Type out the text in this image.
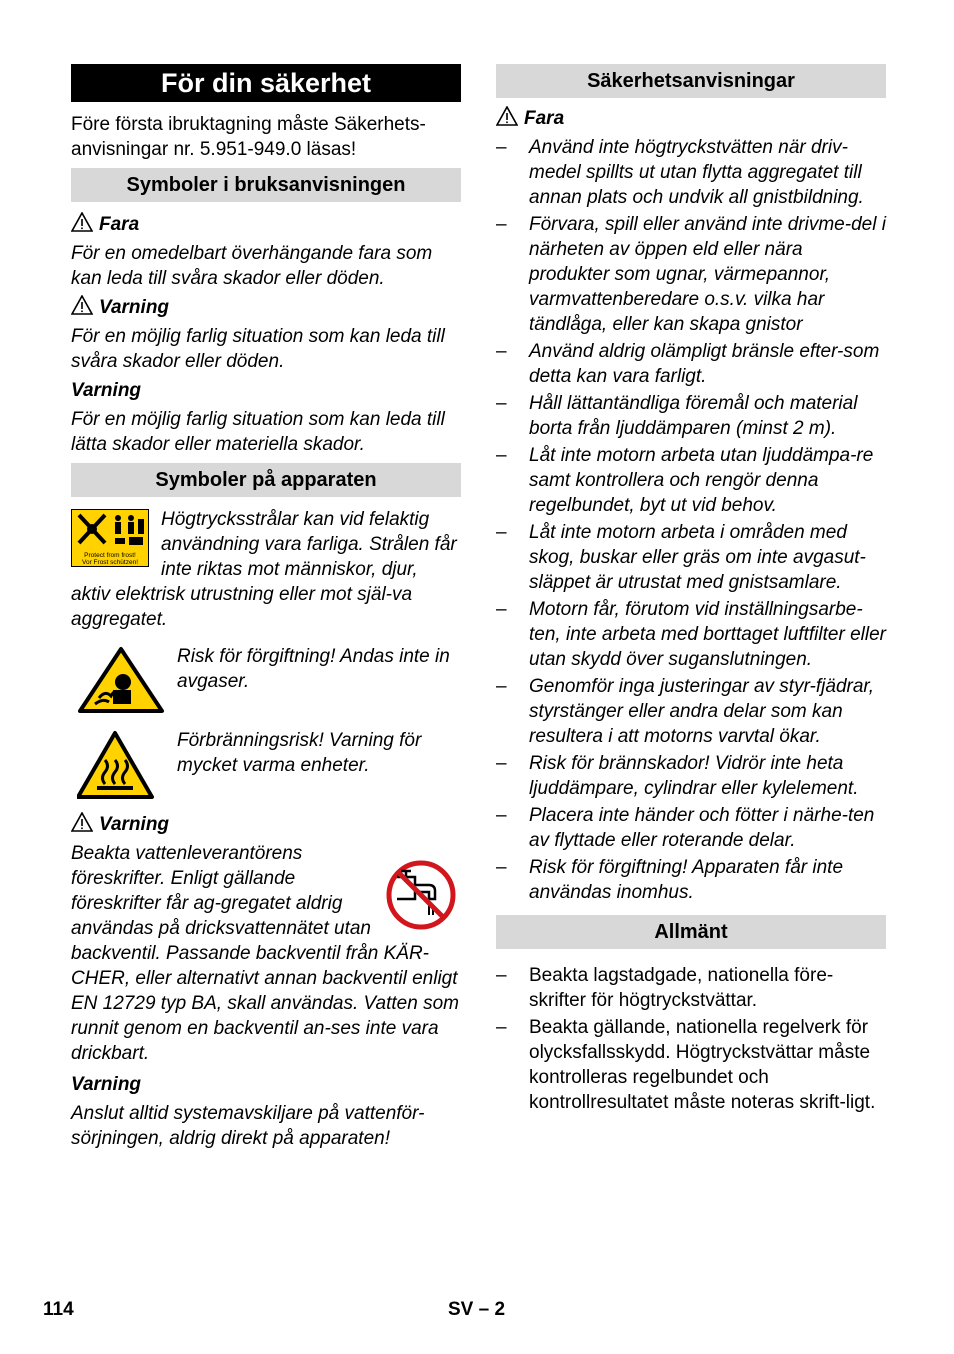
För din säkerhet

Före första ibruktagning måste Säkerhets-anvisningar nr. 5.951-949.0 läsas!

Symboler i bruksanvisningen
Fara

För en omedelbart överhängande fara som kan leda till svåra skador eller döden.

Varning

För en möjlig farlig situation som kan leda till svåra skador eller döden.

Varning

För en möjlig farlig situation som kan leda till lätta skador eller materiella skador.

Symboler på apparaten
Protect from frost!
Vor Frost schützen!

Högtrycksstrålar kan vid felaktig användning vara farliga. Strålen får inte riktas mot människor, djur, aktiv elektrisk utrustning eller mot själ-va aggregatet.

Risk för förgiftning! Andas inte in avgaser.

Förbränningsrisk! Varning för mycket varma enheter.

Varning

Beakta vattenleverantörens föreskrifter. Enligt gällande föreskrifter får ag-gregatet aldrig användas på dricksvattennätet utan backventil. Passande backventil från KÄR-CHER, eller alternativt annan backventil enligt EN 12729 typ BA, skall användas. Vatten som runnit genom en backventil an-ses inte vara drickbart.

Varning

Anslut alltid systemavskiljare på vattenför-sörjningen, aldrig direkt på apparaten!

Säkerhetsanvisningar
Fara
– Använd inte högtryckstvätten när driv-medel spillts ut utan flytta aggregatet till annan plats och undvik all gnistbildning.
– Förvara, spill eller använd inte drivme-del i närheten av öppen eld eller nära produkter som ugnar, värmepannor, varmvattenberedare o.s.v. vilka har tändlåga, eller kan skapa gnistor
– Använd aldrig olämpligt bränsle efter-som detta kan vara farligt.
– Håll lättantändliga föremål och material borta från ljuddämparen (minst 2 m).
– Låt inte motorn arbeta utan ljuddämpa-re samt kontrollera och rengör denna regelbundet, byt ut vid behov.
– Låt inte motorn arbeta i områden med skog, buskar eller gräs om inte avgasut-släppet är utrustat med gnistsamlare.
– Motorn får, förutom vid inställningsarbe-ten, inte arbeta med borttaget luftfilter eller utan skydd över suganslutningen.
– Genomför inga justeringar av styr-fjädrar, styrstänger eller andra delar som kan resultera i att motorns varvtal ökar.
– Risk för brännskador! Vidrör inte heta ljuddämpare, cylindrar eller kylelement.
– Placera inte händer och fötter i närhe-ten av flyttade eller roterande delar.
– Risk för förgiftning! Apparaten får inte användas inomhus.
Allmänt
– Beakta lagstadgade, nationella före-skrifter för högtryckstvättar.
– Beakta gällande, nationella regelverk för olycksfallsskydd. Högtryckstvättar måste kontrolleras regelbundet och kontrollresultatet måste noteras skrift-ligt.
114	SV – 2
